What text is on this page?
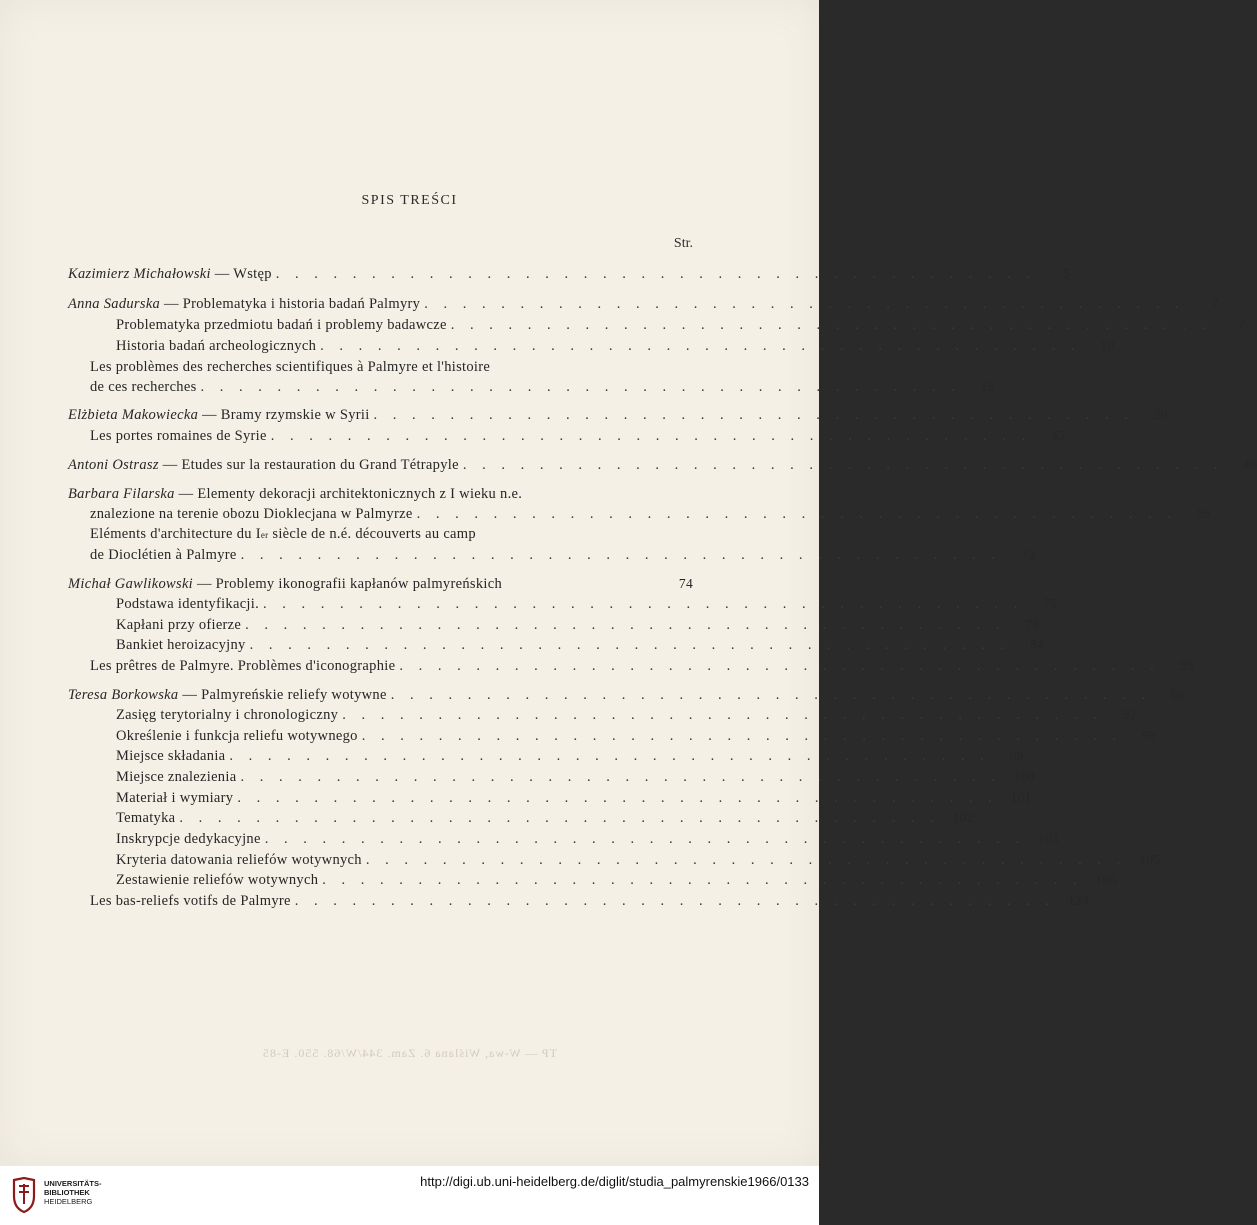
SPIS TREŚCI
Str.
Kazimierz Michałowski — Wstęp . . . . . . . . . . . . . . . . . . . . . . . . . . . . . . . . . . . . . . . .	5
Anna Sadurska — Problematyka i historia badań Palmyry . . . . . . . . . . . . . . . . . . . . . . . . . . . . . . . . . . . . . . . .	7
Problematyka przedmiotu badań i problemy badawcze . . . . . . . . . . . . . . . . . . . . . . . . . . . . . . . . . . . . . . . .	7
Historia badań archeologicznych . . . . . . . . . . . . . . . . . . . . . . . . . . . . . . . . . . . . . . . .	10
Les problèmes des recherches scientifiques à Palmyre et l'histoire
de ces recherches . . . . . . . . . . . . . . . . . . . . . . . . . . . . . . . . . . . . . . . .	19
Elżbieta Makowiecka — Bramy rzymskie w Syrii . . . . . . . . . . . . . . . . . . . . . . . . . . . . . . . . . . . . . . . .	20
Les portes romaines de Syrie . . . . . . . . . . . . . . . . . . . . . . . . . . . . . . . . . . . . . . . .	45
Antoni Ostrasz — Etudes sur la restauration du Grand Tétrapyle . . . . . . . . . . . . . . . . . . . . . . . . . . . . . . . . . . . . . . . .	46
Barbara Filarska — Elementy dekoracji architektonicznych z I wieku n.e.
znalezione na terenie obozu Dioklecjana w Palmyrze . . . . . . . . . . . . . . . . . . . . . . . . . . . . . . . . . . . . . . . .	59
Eléments d'architecture du I er siècle de n.é. découverts au camp
de Dioclétien à Palmyre . . . . . . . . . . . . . . . . . . . . . . . . . . . . . . . . . . . . . . . .	73
Michał Gawlikowski — Problemy ikonografii kapłanów palmyreńskich	74
Podstawa identyfikacji. . . . . . . . . . . . . . . . . . . . . . . . . . . . . . . . . . . . . . . . .	75
Kapłani przy ofierze . . . . . . . . . . . . . . . . . . . . . . . . . . . . . . . . . . . . . . . .	78
Bankiet heroizacyjny . . . . . . . . . . . . . . . . . . . . . . . . . . . . . . . . . . . . . . . .	84
Les prêtres de Palmyre. Problèmes d'iconographie . . . . . . . . . . . . . . . . . . . . . . . . . . . . . . . . . . . . . . . .	95
Teresa Borkowska — Palmyreńskie reliefy wotywne . . . . . . . . . . . . . . . . . . . . . . . . . . . . . . . . . . . . . . . .	96
Zasięg terytorialny i chronologiczny . . . . . . . . . . . . . . . . . . . . . . . . . . . . . . . . . . . . . . . .	97
Określenie i funkcja reliefu wotywnego . . . . . . . . . . . . . . . . . . . . . . . . . . . . . . . . . . . . . . . .	99
Miejsce składania . . . . . . . . . . . . . . . . . . . . . . . . . . . . . . . . . . . . . . . .	99
Miejsce znalezienia . . . . . . . . . . . . . . . . . . . . . . . . . . . . . . . . . . . . . . . . 100
Materiał i wymiary . . . . . . . . . . . . . . . . . . . . . . . . . . . . . . . . . . . . . . . . 101
Tematyka . . . . . . . . . . . . . . . . . . . . . . . . . . . . . . . . . . . . . . . . 102
Inskrypcje dedykacyjne . . . . . . . . . . . . . . . . . . . . . . . . . . . . . . . . . . . . . . . . 103
Kryteria datowania reliefów wotywnych . . . . . . . . . . . . . . . . . . . . . . . . . . . . . . . . . . . . . . . . 105
Zestawienie reliefów wotywnych . . . . . . . . . . . . . . . . . . . . . . . . . . . . . . . . . . . . . . . . 106
Les bas-reliefs votifs de Palmyre . . . . . . . . . . . . . . . . . . . . . . . . . . . . . . . . . . . . . . . . 124
TP — W-wa, Wiślana 6. Zam. 344/W/68. 550. E-85
UNIVERSITÄTS-
BIBLIOTHEK
HEIDELBERG
http://digi.ub.uni-heidelberg.de/diglit/studia_palmyrenskie1966/0133
